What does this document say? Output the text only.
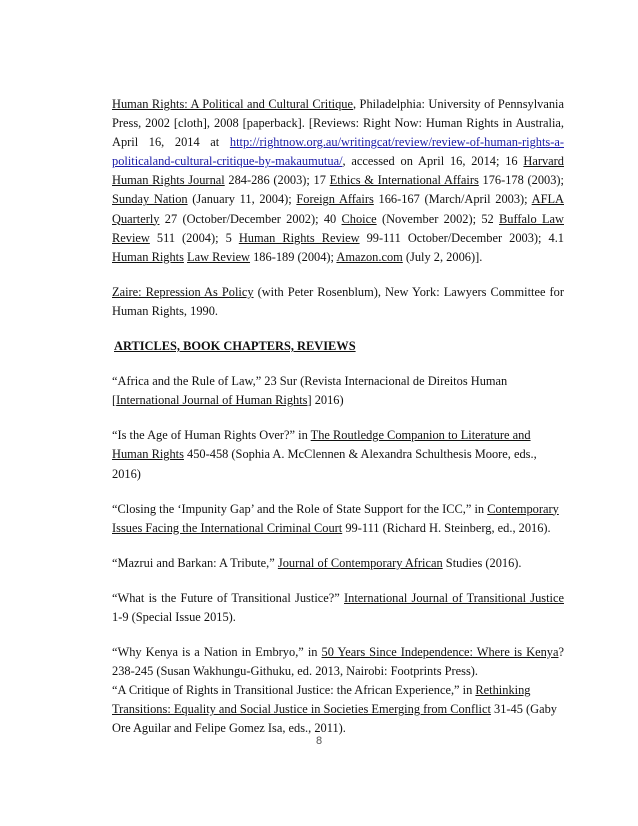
Human Rights: A Political and Cultural Critique, Philadelphia: University of Pennsylvania Press, 2002 [cloth], 2008 [paperback]. [Reviews: Right Now: Human Rights in Australia, April 16, 2014 at http://rightnow.org.au/writingcat/review/review-of-human-rights-a-politicaland-cultural-critique-by-makaumutua/, accessed on April 16, 2014; 16 Harvard Human Rights Journal 284-286 (2003); 17 Ethics & International Affairs 176-178 (2003); Sunday Nation (January 11, 2004); Foreign Affairs 166-167 (March/April 2003); AFLA Quarterly 27 (October/December 2002); 40 Choice (November 2002); 52 Buffalo Law Review 511 (2004); 5 Human Rights Review 99-111 October/December 2003); 4.1 Human Rights Law Review 186-189 (2004); Amazon.com (July 2, 2006)].

Zaire: Repression As Policy (with Peter Rosenblum), New York: Lawyers Committee for Human Rights, 1990.

ARTICLES, BOOK CHAPTERS, REVIEWS

“Africa and the Rule of Law,” 23 Sur (Revista Internacional de Direitos Human [International Journal of Human Rights] 2016)

“Is the Age of Human Rights Over?” in The Routledge Companion to Literature and Human Rights 450-458 (Sophia A. McClennen & Alexandra Schulthesis Moore, eds., 2016)

“Closing the ‘Impunity Gap’ and the Role of State Support for the ICC,” in Contemporary Issues Facing the International Criminal Court 99-111 (Richard H. Steinberg, ed., 2016).

“Mazrui and Barkan: A Tribute,” Journal of Contemporary African Studies (2016).

“What is the Future of Transitional Justice?” International Journal of Transitional Justice 1-9 (Special Issue 2015).

“Why Kenya is a Nation in Embryo,” in 50 Years Since Independence: Where is Kenya? 238-245 (Susan Wakhungu-Githuku, ed. 2013, Nairobi: Footprints Press).

“A Critique of Rights in Transitional Justice: the African Experience,” in Rethinking Transitions: Equality and Social Justice in Societies Emerging from Conflict 31-45 (Gaby Ore Aguilar and Felipe Gomez Isa, eds., 2011).

8
